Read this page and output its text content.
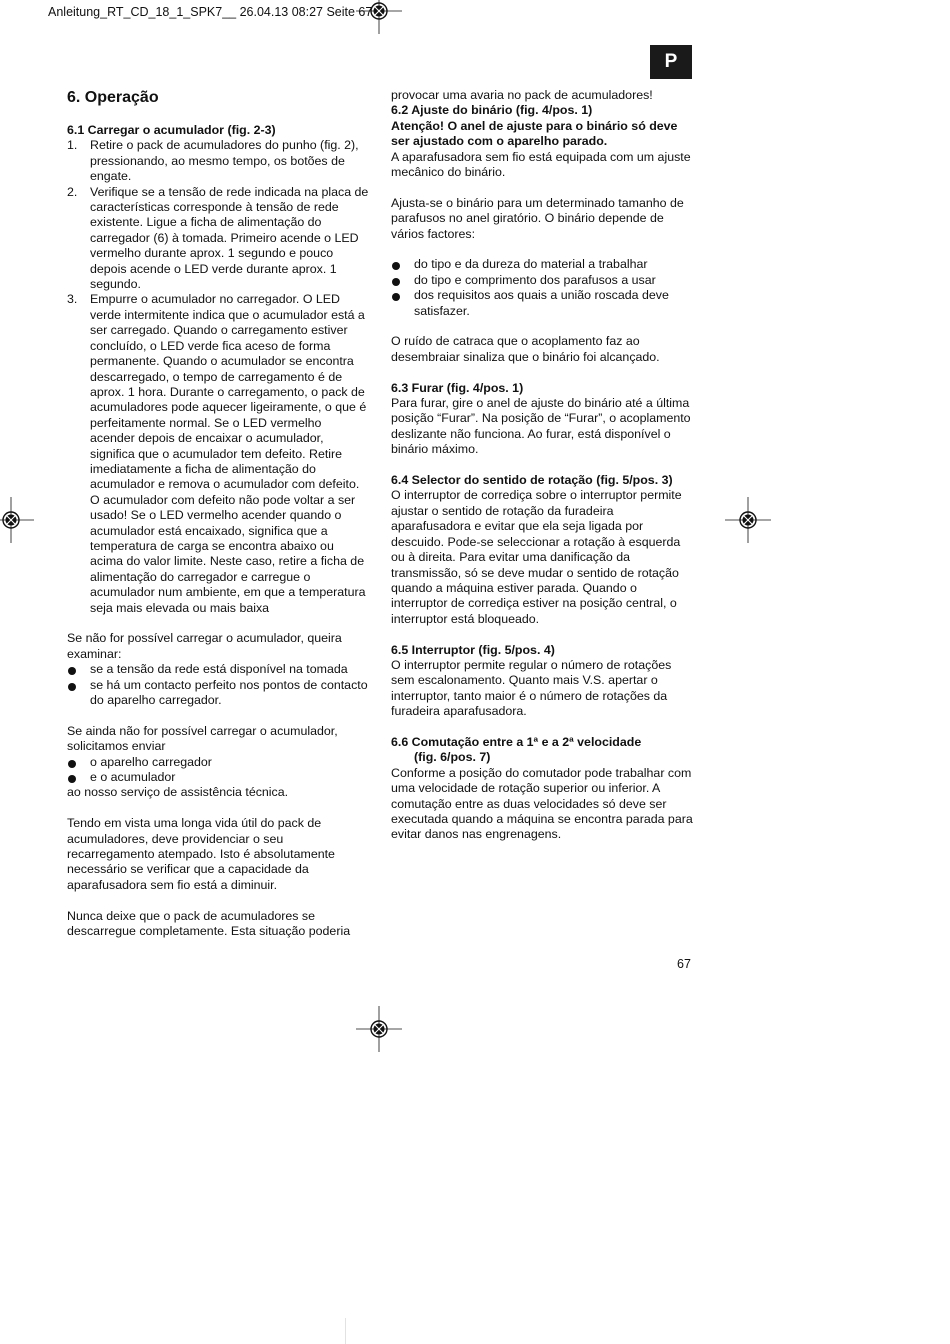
Anleitung_RT_CD_18_1_SPK7__ 26.04.13 08:27 Seite 67
P

6. Operação

6.1 Carregar o acumulador (fig. 2-3)

1.	Retire o pack de acumuladores do punho (fig. 2), pressionando, ao mesmo tempo, os botões de engate.
2.	Verifique se a tensão de rede indicada na placa de características corresponde à tensão de rede existente. Ligue a ficha de alimentação do carregador (6) à tomada. Primeiro acende o LED vermelho durante aprox. 1 segundo e pouco depois acende o LED verde durante aprox. 1 segundo.
3.	Empurre o acumulador no carregador. O LED verde intermitente indica que o acumulador está a ser carregado. Quando o carregamento estiver concluído, o LED verde fica aceso de forma permanente. Quando o acumulador se encontra descarregado, o tempo de carregamento é de aprox. 1 hora. Durante o carregamento, o pack de acumuladores pode aquecer ligeiramente, o que é perfeitamente normal. Se o LED vermelho acender depois de encaixar o acumulador, significa que o acumulador tem defeito. Retire imediatamente a ficha de alimentação do acumulador e remova o acumulador com defeito. O acumulador com defeito não pode voltar a ser usado! Se o LED vermelho acender quando o acumulador está encaixado, significa que a temperatura de carga se encontra abaixo ou acima do valor limite. Neste caso, retire a ficha de alimentação do carregador e carregue o acumulador num ambiente, em que a temperatura seja mais elevada ou mais baixa

Se não for possível carregar o acumulador, queira examinar:

se a tensão da rede está disponível na tomada
se há um contacto perfeito nos pontos de contacto do aparelho carregador.

Se ainda não for possível carregar o acumulador, solicitamos enviar

o aparelho carregador
e o acumulador

ao nosso serviço de assistência técnica.

Tendo em vista uma longa vida útil do pack de acumuladores, deve providenciar o seu recarregamento atempado. Isto é absolutamente necessário se verificar que a capacidade da aparafusadora sem fio está a diminuir.

Nunca deixe que o pack de acumuladores se descarregue completamente. Esta situação poderia

provocar uma avaria no pack de acumuladores!

6.2 Ajuste do binário (fig. 4/pos. 1)

Atenção! O anel de ajuste para o binário só deve ser ajustado com o aparelho parado.

A aparafusadora sem fio está equipada com um ajuste mecânico do binário.

Ajusta-se o binário para um determinado tamanho de parafusos no anel giratório. O binário depende de vários factores:

do tipo e da dureza do material a trabalhar
do tipo e comprimento dos parafusos a usar
dos requisitos aos quais a união roscada deve satisfazer.

O ruído de catraca que o acoplamento faz ao desembraiar sinaliza que o binário foi alcançado.

6.3 Furar (fig. 4/pos. 1)

Para furar, gire o anel de ajuste do binário até a última posição “Furar”. Na posição de “Furar”, o acoplamento deslizante não funciona. Ao furar, está disponível o binário máximo.

6.4 Selector do sentido de rotação (fig. 5/pos. 3)

O interruptor de corrediça sobre o interruptor permite ajustar o sentido de rotação da furadeira aparafusadora e evitar que ela seja ligada por descuido. Pode-se seleccionar a rotação à esquerda ou à direita. Para evitar uma danificação da transmissão, só se deve mudar o sentido de rotação quando a máquina estiver parada. Quando o interruptor de corrediça estiver na posição central, o interruptor está bloqueado.

6.5 Interruptor (fig. 5/pos. 4)

O interruptor permite regular o número de rotações sem escalonamento. Quanto mais V.S. apertar o interruptor, tanto maior é o número de rotações da furadeira aparafusadora.

6.6 Comutação entre a 1ª e a 2ª velocidade

(fig. 6/pos. 7)

Conforme a posição do comutador pode trabalhar com uma velocidade de rotação superior ou inferior. A comutação entre as duas velocidades só deve ser executada quando a máquina se encontra parada para evitar danos nas engrenagens.

67
